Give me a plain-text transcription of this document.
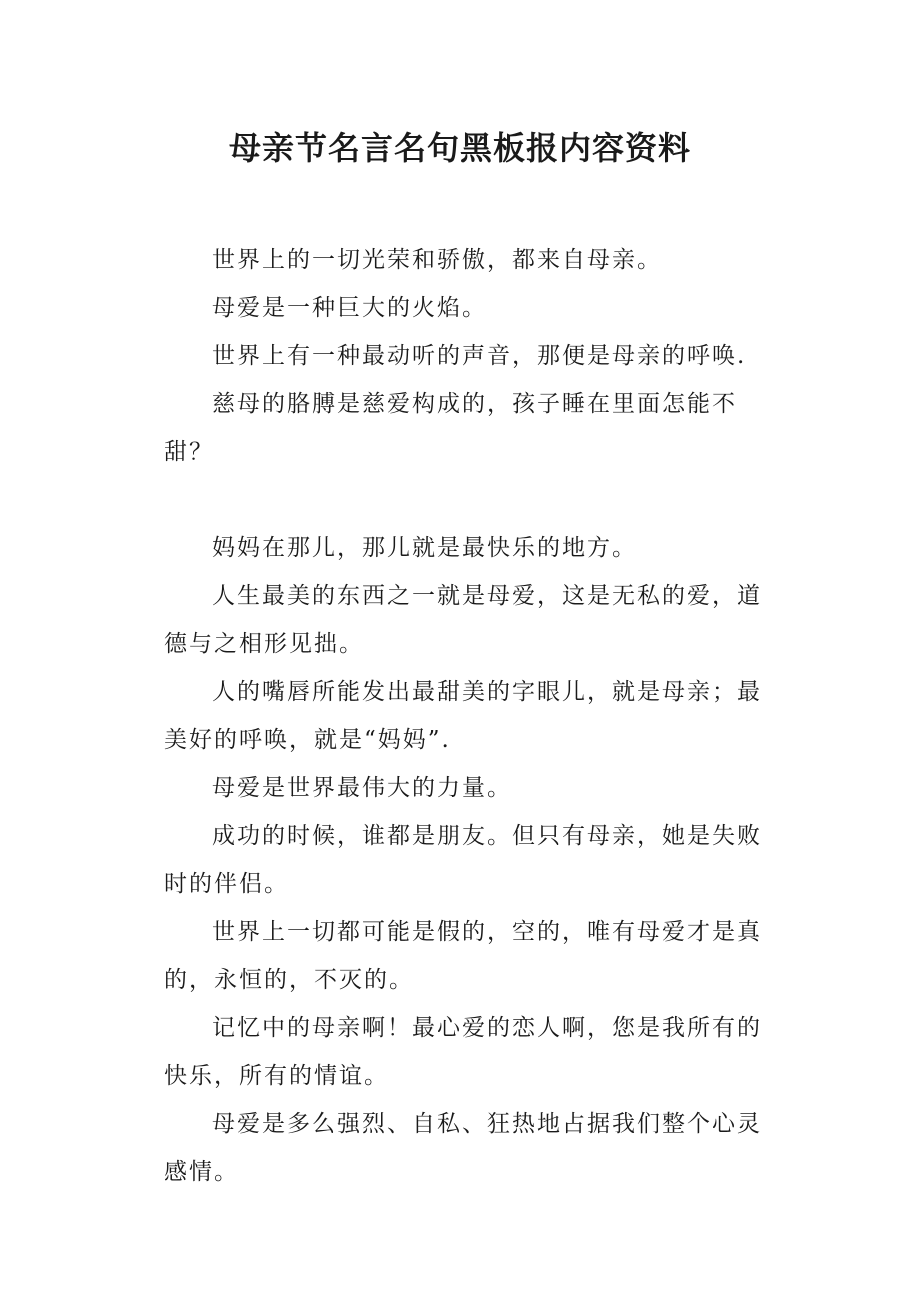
母亲节名言名句黑板报内容资料

世界上的一切光荣和骄傲，都来自母亲。

母爱是一种巨大的火焰。

世界上有一种最动听的声音，那便是母亲的呼唤.

慈母的胳膊是慈爱构成的，孩子睡在里面怎能不甜？

妈妈在那儿，那儿就是最快乐的地方。

人生最美的东西之一就是母爱，这是无私的爱，道德与之相形见拙。

人的嘴唇所能发出最甜美的字眼儿，就是母亲；最美好的呼唤，就是“妈妈”.

母爱是世界最伟大的力量。

成功的时候，谁都是朋友。但只有母亲，她是失败时的伴侣。

世界上一切都可能是假的，空的，唯有母爱才是真的，永恒的，不灭的。

记忆中的母亲啊！最心爱的恋人啊，您是我所有的快乐，所有的情谊。

母爱是多么强烈、自私、狂热地占据我们整个心灵感情。
